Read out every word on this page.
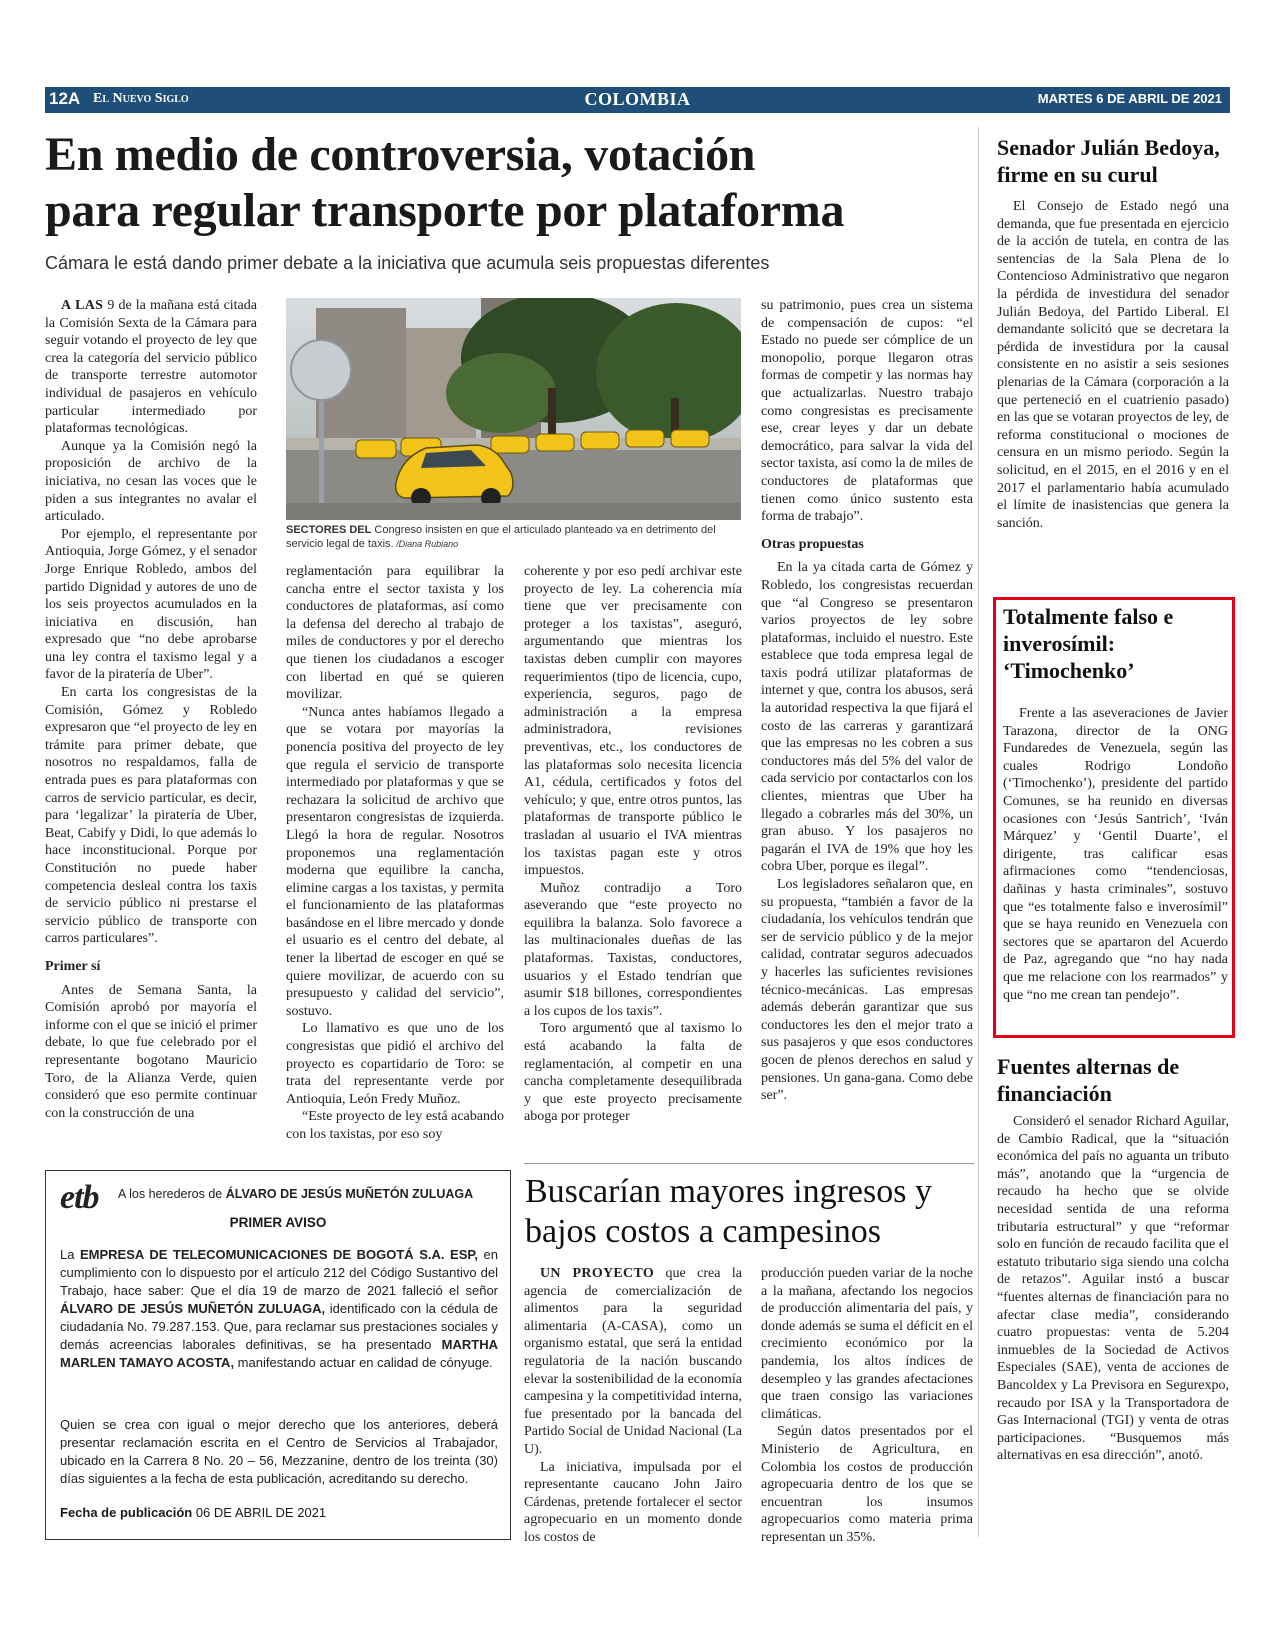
12A El Nuevo Siglo	COLOMBIA	MARTES 6 DE ABRIL DE 2021
En medio de controversia, votación
para regular transporte por plataforma
Cámara le está dando primer debate a la iniciativa que acumula seis propuestas diferentes

A LAS 9 de la mañana está citada la Comisión Sexta de la Cámara para seguir votando el proyecto de ley que crea la categoría del servicio público de transporte terrestre automotor individual de pasajeros en vehículo particular intermediado por plataformas tecnológicas.

Aunque ya la Comisión negó la proposición de archivo de la iniciativa, no cesan las voces que le piden a sus integrantes no avalar el articulado.

Por ejemplo, el representante por Antioquia, Jorge Gómez, y el senador Jorge Enrique Robledo, ambos del partido Dignidad y autores de uno de los seis proyectos acumulados en la iniciativa en discusión, han expresado que “no debe aprobarse una ley contra el taxismo legal y a favor de la piratería de Uber”.

En carta los congresistas de la Comisión, Gómez y Robledo expresaron que “el proyecto de ley en trámite para primer debate, que nosotros no respaldamos, falla de entrada pues es para plataformas con carros de servicio particular, es decir, para ‘legalizar’ la piratería de Uber, Beat, Cabify y Didi, lo que además lo hace inconstitucional. Porque por Constitución no puede haber competencia desleal contra los taxis de servicio público ni prestarse el servicio público de transporte con carros particulares”.

Primer sí

Antes de Semana Santa, la Comisión aprobó por mayoría el informe con el que se inició el primer debate, lo que fue celebrado por el representante bogotano Mauricio Toro, de la Alianza Verde, quien consideró que eso permite continuar con la construcción de una

SECTORES DEL Congreso insisten en que el articulado planteado va en detrimento del servicio legal de taxis. /Diana Rubiano

su patrimonio, pues crea un sistema de compensación de cupos: “el Estado no puede ser cómplice de un monopolio, porque llegaron otras formas de competir y las normas hay que actualizarlas. Nuestro trabajo como congresistas es precisamente ese, crear leyes y dar un debate democrático, para salvar la vida del sector taxista, así como la de miles de conductores de plataformas que tienen como único sustento esta forma de trabajo”.

Otras propuestas

En la ya citada carta de Gómez y Robledo, los congresistas recuerdan que “al Congreso se presentaron varios proyectos de ley sobre plataformas, incluido el nuestro. Este establece que toda empresa legal de taxis podrá utilizar plataformas de internet y que, contra los abusos, será la autoridad respectiva la que fijará el costo de las carreras y garantizará que las empresas no les cobren a sus conductores más del 5% del valor de cada servicio por contactarlos con los clientes, mientras que Uber ha llegado a cobrarles más del 30%, un gran abuso. Y los pasajeros no pagarán el IVA de 19% que hoy les cobra Uber, porque es ilegal”.

Los legisladores señalaron que, en su propuesta, “también a favor de la ciudadanía, los vehículos tendrán que ser de servicio público y de la mejor calidad, contratar seguros adecuados y hacerles las suficientes revisiones técnico-mecánicas. Las empresas además deberán garantizar que sus conductores les den el mejor trato a sus pasajeros y que esos conductores gocen de plenos derechos en salud y pensiones. Un gana-gana. Como debe ser”.

reglamentación para equilibrar la cancha entre el sector taxista y los conductores de plataformas, así como la defensa del derecho al trabajo de miles de conductores y por el derecho que tienen los ciudadanos a escoger con libertad en qué se quieren movilizar.

“Nunca antes habíamos llegado a que se votara por mayorías la ponencia positiva del proyecto de ley que regula el servicio de transporte intermediado por plataformas y que se rechazara la solicitud de archivo que presentaron congresistas de izquierda. Llegó la hora de regular. Nosotros proponemos una reglamentación moderna que equilibre la cancha, elimine cargas a los taxistas, y permita el funcionamiento de las plataformas basándose en el libre mercado y donde el usuario es el centro del debate, al tener la libertad de escoger en qué se quiere movilizar, de acuerdo con su presupuesto y calidad del servicio”, sostuvo.

Lo llamativo es que uno de los congresistas que pidió el archivo del proyecto es copartidario de Toro: se trata del representante verde por Antioquia, León Fredy Muñoz.

“Este proyecto de ley está acabando con los taxistas, por eso soy

coherente y por eso pedí archivar este proyecto de ley. La coherencia mía tiene que ver precisamente con proteger a los taxistas”, aseguró, argumentando que mientras los taxistas deben cumplir con mayores requerimientos (tipo de licencia, cupo, experiencia, seguros, pago de administración a la empresa administradora, revisiones preventivas, etc., los conductores de las plataformas solo necesita licencia A1, cédula, certificados y fotos del vehículo; y que, entre otros puntos, las plataformas de transporte público le trasladan al usuario el IVA mientras los taxistas pagan este y otros impuestos.

Muñoz contradijo a Toro aseverando que “este proyecto no equilibra la balanza. Solo favorece a las multinacionales dueñas de las plataformas. Taxistas, conductores, usuarios y el Estado tendrían que asumir $18 billones, correspondientes a los cupos de los taxis”.

Toro argumentó que al taxismo lo está acabando la falta de reglamentación, al competir en una cancha completamente desequilibrada y que este proyecto precisamente aboga por proteger

Senador Julián Bedoya, firme en su curul

El Consejo de Estado negó una demanda, que fue presentada en ejercicio de la acción de tutela, en contra de las sentencias de la Sala Plena de lo Contencioso Administrativo que negaron la pérdida de investidura del senador Julián Bedoya, del Partido Liberal. El demandante solicitó que se decretara la pérdida de investidura por la causal consistente en no asistir a seis sesiones plenarias de la Cámara (corporación a la que perteneció en el cuatrienio pasado) en las que se votaran proyectos de ley, de reforma constitucional o mociones de censura en un mismo periodo. Según la solicitud, en el 2015, en el 2016 y en el 2017 el parlamentario había acumulado el límite de inasistencias que genera la sanción.

Totalmente falso e inverosímil: ‘Timochenko’

Frente a las aseveraciones de Javier Tarazona, director de la ONG Fundaredes de Venezuela, según las cuales Rodrigo Londoño (‘Timochenko’), presidente del partido Comunes, se ha reunido en diversas ocasiones con ‘Jesús Santrich’, ‘Iván Márquez’ y ‘Gentil Duarte’, el dirigente, tras calificar esas afirmaciones como “tendenciosas, dañinas y hasta criminales”, sostuvo que “es totalmente falso e inverosímil” que se haya reunido en Venezuela con sectores que se apartaron del Acuerdo de Paz, agregando que “no hay nada que me relacione con los rearmados” y que “no me crean tan pendejo”.

Fuentes alternas de financiación

Consideró el senador Richard Aguilar, de Cambio Radical, que la “situación económica del país no aguanta un tributo más”, anotando que la “urgencia de recaudo ha hecho que se olvide necesidad sentida de una reforma tributaria estructural” y que “reformar solo en función de recaudo facilita que el estatuto tributario siga siendo una colcha de retazos”. Aguilar instó a buscar “fuentes alternas de financiación para no afectar clase media”, considerando cuatro propuestas: venta de 5.204 inmuebles de la Sociedad de Activos Especiales (SAE), venta de acciones de Bancoldex y La Previsora en Segurexpo, recaudo por ISA y la Transportadora de Gas Internacional (TGI) y venta de otras participaciones. “Busquemos más alternativas en esa dirección”, anotó.

Buscarían mayores ingresos y bajos costos a campesinos

UN PROYECTO que crea la agencia de comercialización de alimentos para la seguridad alimentaria (A-CASA), como un organismo estatal, que será la entidad regulatoria de la nación buscando elevar la sostenibilidad de la economía campesina y la competitividad interna, fue presentado por la bancada del Partido Social de Unidad Nacional (La U).

La iniciativa, impulsada por el representante caucano John Jairo Cárdenas, pretende fortalecer el sector agropecuario en un momento donde los costos de

producción pueden variar de la noche a la mañana, afectando los negocios de producción alimentaria del país, y donde además se suma el déficit en el crecimiento económico por la pandemia, los altos índices de desempleo y las grandes afectaciones que traen consigo las variaciones climáticas.

Según datos presentados por el Ministerio de Agricultura, en Colombia los costos de producción agropecuaria dentro de los que se encuentran los insumos agropecuarios como materia prima representan un 35%.

etb A los herederos de ÁLVARO DE JESÚS MUÑETÓN ZULUAGA
PRIMER AVISO
La EMPRESA DE TELECOMUNICACIONES DE BOGOTÁ S.A. ESP, en cumplimiento con lo dispuesto por el artículo 212 del Código Sustantivo del Trabajo, hace saber: Que el día 19 de marzo de 2021 falleció el señor ÁLVARO DE JESÚS MUÑETÓN ZULUAGA, identificado con la cédula de ciudadanía No. 79.287.153. Que, para reclamar sus prestaciones sociales y demás acreencias laborales definitivas, se ha presentado MARTHA MARLEN TAMAYO ACOSTA, manifestando actuar en calidad de cónyuge.
Quien se crea con igual o mejor derecho que los anteriores, deberá presentar reclamación escrita en el Centro de Servicios al Trabajador, ubicado en la Carrera 8 No. 20 – 56, Mezzanine, dentro de los treinta (30) días siguientes a la fecha de esta publicación, acreditando su derecho.
Fecha de publicación 06 DE ABRIL DE 2021
